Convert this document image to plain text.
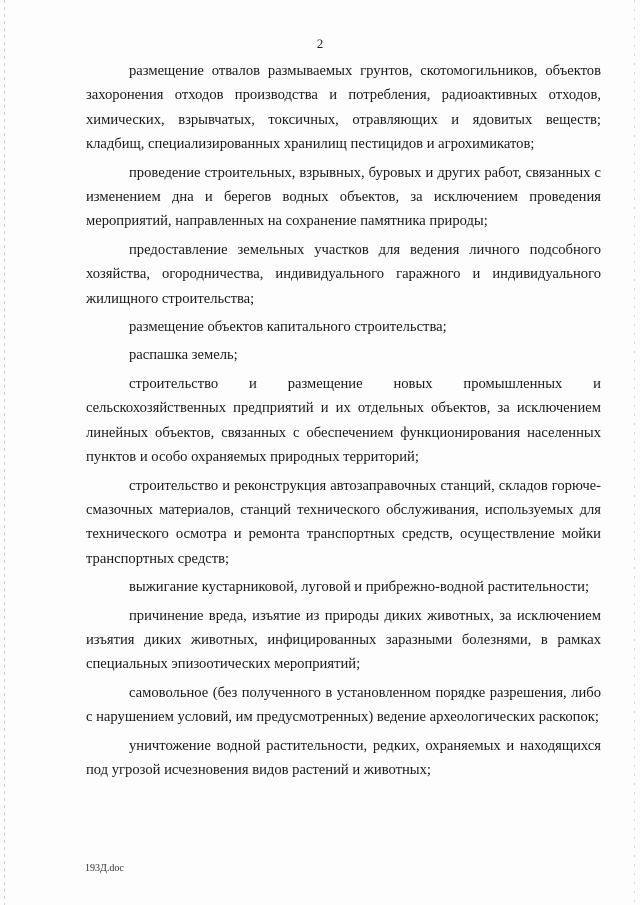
2

размещение отвалов размываемых грунтов, скотомогильников, объектов захоронения отходов производства и потребления, радиоактивных отходов, химических, взрывчатых, токсичных, отравляющих и ядовитых веществ; кладбищ, специализированных хранилищ пестицидов и агрохимикатов;

проведение строительных, взрывных, буровых и других работ, связанных с изменением дна и берегов водных объектов, за исключением проведения мероприятий, направленных на сохранение памятника природы;

предоставление земельных участков для ведения личного подсобного хозяйства, огородничества, индивидуального гаражного и индивидуального жилищного строительства;

размещение объектов капитального строительства;

распашка земель;

строительство и размещение новых промышленных и сельскохозяйственных предприятий и их отдельных объектов, за исключением линейных объектов, связанных с обеспечением функционирования населенных пунктов и особо охраняемых природных территорий;

строительство и реконструкция автозаправочных станций, складов горюче-смазочных материалов, станций технического обслуживания, используемых для технического осмотра и ремонта транспортных средств, осуществление мойки транспортных средств;

выжигание кустарниковой, луговой и прибрежно-водной растительности;

причинение вреда, изъятие из природы диких животных, за исключением изъятия диких животных, инфицированных заразными болезнями, в рамках специальных эпизоотических мероприятий;

самовольное (без полученного в установленном порядке разрешения, либо с нарушением условий, им предусмотренных) ведение археологических раскопок;

уничтожение водной растительности, редких, охраняемых и находящихся под угрозой исчезновения видов растений и животных;

193Д.doc
